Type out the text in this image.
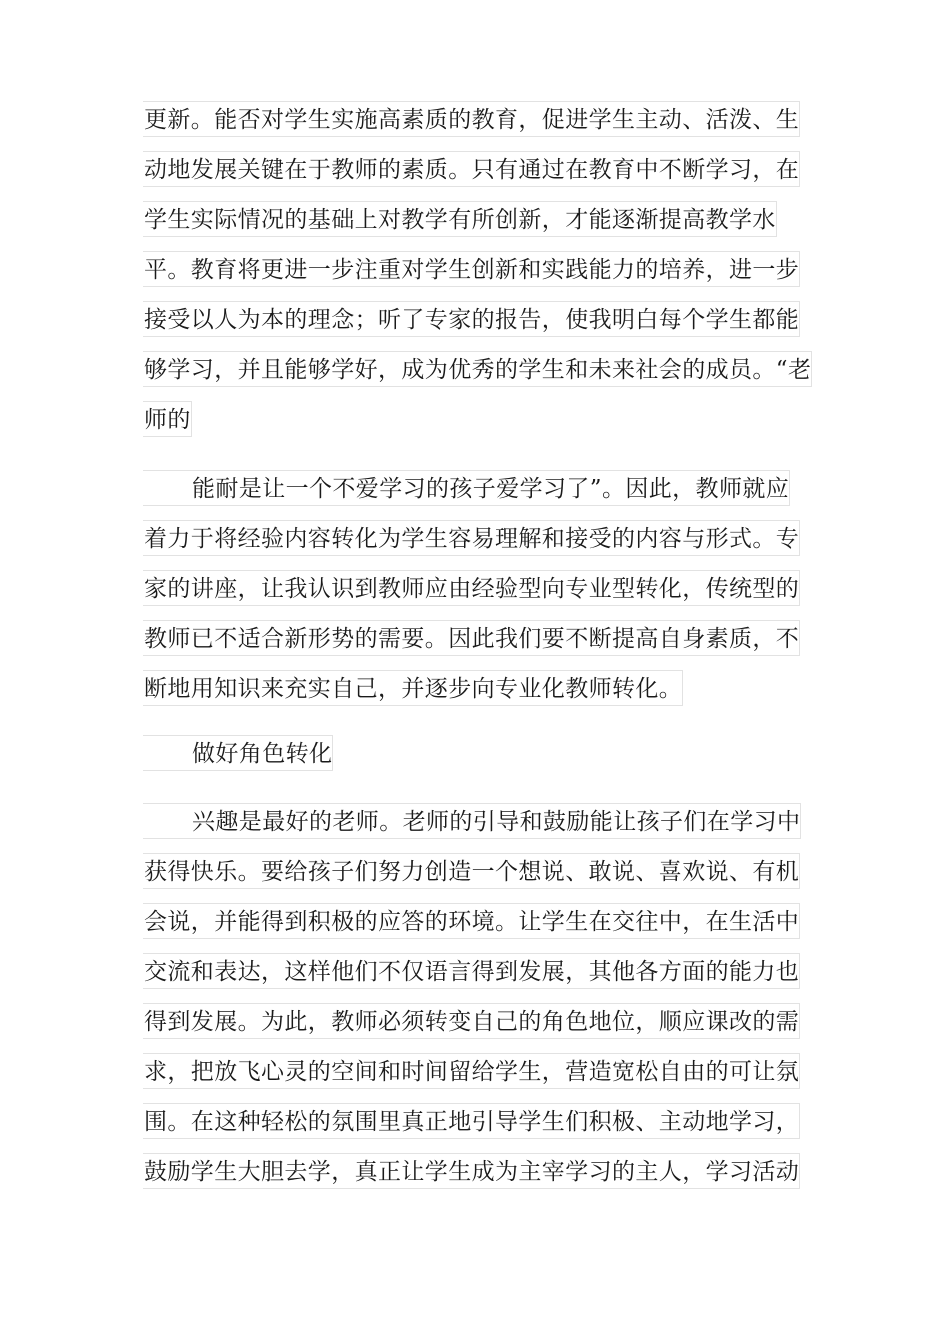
更新。能否对学生实施高素质的教育，促进学生主动、活泼、生
动地发展关键在于教师的素质。只有通过在教育中不断学习，在
学生实际情况的基础上对教学有所创新，才能逐渐提高教学水
平。教育将更进一步注重对学生创新和实践能力的培养，进一步
接受以人为本的理念；听了专家的报告，使我明白每个学生都能
够学习，并且能够学好，成为优秀的学生和未来社会的成员。“老
师的
能耐是让一个不爱学习的孩子爱学习了”。因此，教师就应
着力于将经验内容转化为学生容易理解和接受的内容与形式。专
家的讲座，让我认识到教师应由经验型向专业型转化，传统型的
教师已不适合新形势的需要。因此我们要不断提高自身素质，不
断地用知识来充实自己，并逐步向专业化教师转化。
做好角色转化
兴趣是最好的老师。老师的引导和鼓励能让孩子们在学习中
获得快乐。要给孩子们努力创造一个想说、敢说、喜欢说、有机
会说，并能得到积极的应答的环境。让学生在交往中，在生活中
交流和表达，这样他们不仅语言得到发展，其他各方面的能力也
得到发展。为此，教师必须转变自己的角色地位，顺应课改的需
求，把放飞心灵的空间和时间留给学生，营造宽松自由的可让氛
围。在这种轻松的氛围里真正地引导学生们积极、主动地学习，
鼓励学生大胆去学，真正让学生成为主宰学习的主人，学习活动
